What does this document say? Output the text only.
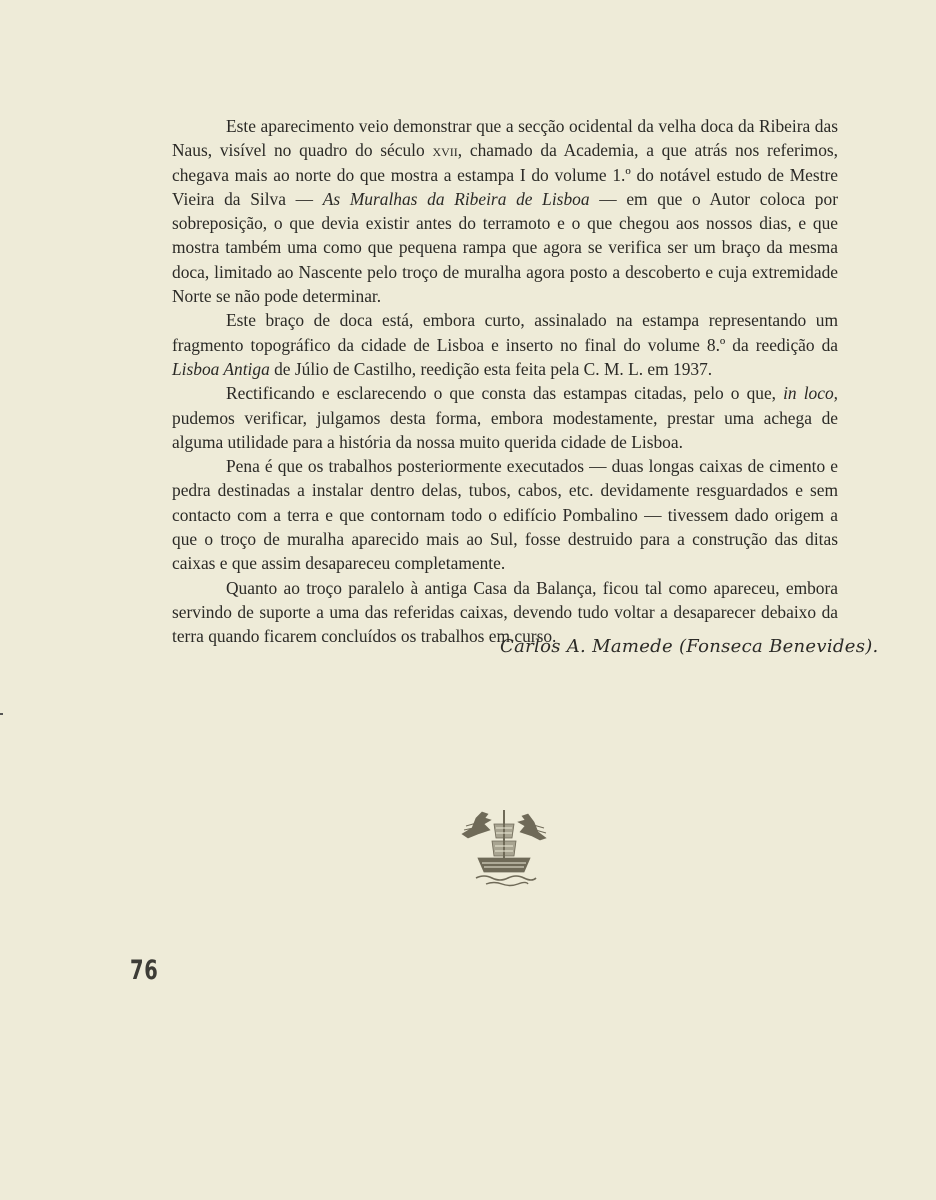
Este aparecimento veio demonstrar que a secção ocidental da velha doca da Ribeira das Naus, visível no quadro do século xvii, chamado da Academia, a que atrás nos referimos, chegava mais ao norte do que mostra a estampa I do volume 1.º do notável estudo de Mestre Vieira da Silva — As Muralhas da Ribeira de Lisboa — em que o Autor coloca por sobreposição, o que devia existir antes do terramoto e o que chegou aos nossos dias, e que mostra também uma como que pequena rampa que agora se verifica ser um braço da mesma doca, limitado ao Nascente pelo troço de muralha agora posto a descoberto e cuja extremidade Norte se não pode determinar.

Este braço de doca está, embora curto, assinalado na estampa representando um fragmento topográfico da cidade de Lisboa e inserto no final do volume 8.º da reedição da Lisboa Antiga de Júlio de Castilho, reedição esta feita pela C. M. L. em 1937.

Rectificando e esclarecendo o que consta das estampas citadas, pelo o que, in loco, pudemos verificar, julgamos desta forma, embora modestamente, prestar uma achega de alguma utilidade para a história da nossa muito querida cidade de Lisboa.

Pena é que os trabalhos posteriormente executados — duas longas caixas de cimento e pedra destinadas a instalar dentro delas, tubos, cabos, etc. devidamente resguardados e sem contacto com a terra e que contornam todo o edifício Pombalino — tivessem dado origem a que o troço de muralha aparecido mais ao Sul, fosse destruido para a construção das ditas caixas e que assim desapareceu completamente.

Quanto ao troço paralelo à antiga Casa da Balança, ficou tal como apareceu, embora servindo de suporte a uma das referidas caixas, devendo tudo voltar a desaparecer debaixo da terra quando ficarem concluídos os trabalhos em curso.

Carlos A. Mamede (Fonseca Benevides).
76
